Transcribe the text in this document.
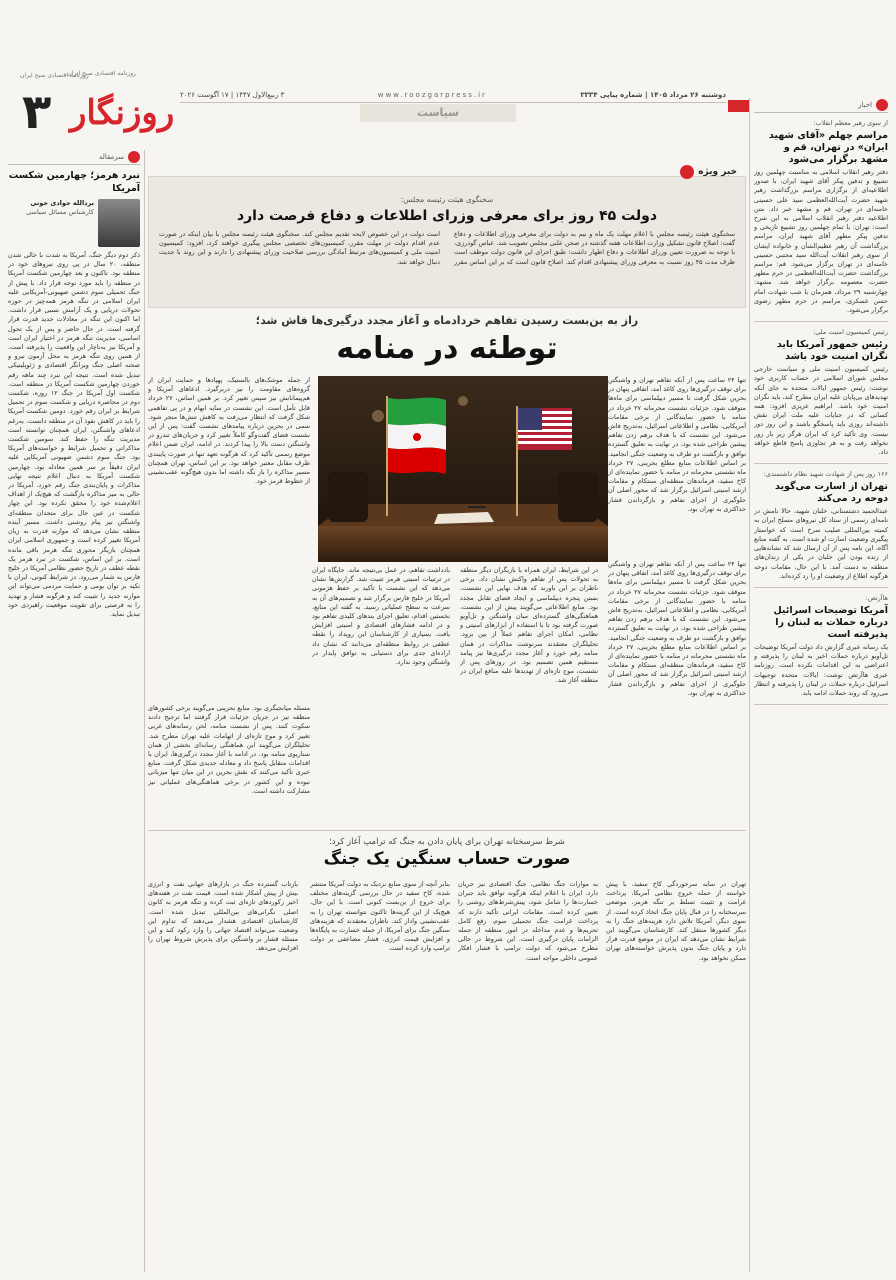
روزنامه اقتصادی صبح ایران
۳ روزنگار
روزنامه اقتصادی صبح ایران
دوشنبه ۲۶ مرداد ۱۴۰۵ | شماره پیاپی ۳۳۳۴
www.roozgarpress.ir
۳ ربیع‌الاول ۱۴۴۷ | ۱۷ آگوست ۲۰۲۶
سیاست
اخبار
از سوی رهبر معظم انقلاب:
مراسم چهلم «آقای شهید ایران» در تهران، قم و مشهد برگزار می‌شود
دفتر رهبر انقلاب اسلامی به مناسبت چهلمین روز تشییع و تدفین پیکر آقای شهید ایران، با صدور اطلاعیه‌ای از برگزاری مراسم بزرگداشت رهبر شهید حضرت آیت‌الله‌العظمی سید علی حسینی خامنه‌ای در تهران، قم و مشهد خبر داد. متن اطلاعیه دفتر رهبر انقلاب اسلامی به این شرح است: تهران: با تمام چهلمین روز تشییع تاریخی و تدفین پیکر مطهر آقای شهید ایران، مراسم بزرگداشت آن رهبر عظیم‌الشأن و خانواده ایشان از سوی رهبر انقلاب آیت‌الله سید مجتبی حسینی خامنه‌ای در تهران برگزار می‌شود. قم: مراسم بزرگداشت حضرت آیت‌الله‌العظمی در حرم مطهر حضرت معصومه برگزار خواهد شد. مشهد: چهارشنبه ۲۹ مرداد، همزمان با شب شهادت امام حسن عسکری، مراسم در حرم مطهر رضوی برگزار می‌شود.
رئیس کمیسیون امنیت ملی:
رئیس جمهور آمریکا باید نگران امنیت خود باشد
رئیس کمیسیون امنیت ملی و سیاست خارجی مجلس شورای اسلامی در حساب کاربری خود نوشت: رئیس جمهور ایالات متحده به جای آنکه تهدیدهای بی‌پایان علیه ایران مطرح کند، باید نگران امنیت خود باشد. ابراهیم عزیزی افزود: همه کسانی که در جنایات علیه ملت ایران نقش داشته‌اند روزی باید پاسخگو باشند و این روز دور نیست. وی تأکید کرد که ایران هرگز زیر بار زور نخواهد رفت و به هر تجاوزی پاسخ قاطع خواهد داد.
۱۶۶ روز پس از شهادت شهید نظام داشتمندی:
تهران از اسارت می‌گوید دوحه رد می‌کند
عبدالحمید دشتستانی، خلبان شهید، حالا نامش در نامه‌ای رسمی از ستاد کل نیروهای مسلح ایران به کمیته بین‌المللی صلیب سرخ است که خواستار پیگیری وضعیت اسارت او شده است. به گفته منابع آگاه، این نامه پس از آن ارسال شد که نشانه‌هایی از زنده بودن این خلبان در یکی از زندان‌های منطقه به دست آمد. با این حال، مقامات دوحه هرگونه اطلاع از وضعیت او را رد کرده‌اند.
هاآرتص:
آمریکا توضیحات اسرائیل درباره حملات به لبنان را پذیرفته است
یک رسانه عبری گزارش داد دولت آمریکا توضیحات تل‌آویو درباره حملات اخیر به لبنان را پذیرفته و اعتراضی به این اقدامات نکرده است. روزنامه عبری هاآرتص نوشت: ایالات متحده توجیهات اسرائیل درباره حملات در لبنان را پذیرفته و انتظار می‌رود که روند حملات ادامه یابد.
سرمقاله
نبرد هرمز؛ چهارمین شکست آمریکا
بردالله جوادی جونی
کارشناس مسائل سیاسی
ذکر دوم دیگر جنگ، آمریکا به شدت با خالی شدن منطقه، ۲۰ سال در پی روی نیروهای خود در منطقه بود. تاکنون و بعد چهارمین شکست آمریکا در منطقه را باید مورد توجه قرار داد. با پیش از جنگ تحمیلی سوم دشمن صهیونی-آمریکایی علیه ایران اسلامی در تنگه هرمز همه‌چیز در حوزه تحولات دریایی و یک آرامش نسبی قرار داشت. اما اکنون این تنگه در معادلات جدید قدرت قرار گرفته است. در حال حاضر و پس از یک تحول اساسی، مدیریت تنگه هرمز در اختیار ایران است و آمریکا نیز به‌ناچار این واقعیت را پذیرفته است. از همین روی تنگه هرمز به محل آزمون نیرو و صحنه اصلی جنگ ویرانگر اقتصادی و ژئوپلیتیکی تبدیل شده است. نتیجه این نبرد چند ماهه رقم خوردن چهارمین شکست آمریکا در منطقه است. شکست اول آمریکا در جنگ ۱۲ روزه، شکست دوم در محاصره دریایی و شکست سوم در تحمیل شرایط بر ایران رقم خورد. دومین شکست آمریکا را باید در کاهش نفوذ آن در منطقه دانست. به‌رغم ادعاهای واشنگتن، ایران همچنان توانسته است مدیریت تنگه را حفظ کند. سومین شکست مذاکراتی و تحمیل شرایط و خواسته‌های آمریکا بود. جنگ سوم دشمن صهیونی آمریکایی علیه ایران دقیقاً بر سر همین معادله بود. چهارمین شکست آمریکا به دنبال اعلام نتیجه نهایی مذاکرات و پایان‌بندی جنگ رقم خورد. آمریکا در حالی به میز مذاکره بازگشت که هیچ‌یک از اهداف اعلام‌شده خود را محقق نکرده بود. این چهار شکست در عین حال برای متحدان منطقه‌ای واشنگتن نیز پیام روشنی داشت. مسیر آینده منطقه نشان می‌دهد که موازنه قدرت به زیان آمریکا تغییر کرده است و جمهوری اسلامی ایران همچنان بازیگر محوری تنگه هرمز باقی مانده است. بر این اساس، شکست در نبرد هرمز یک نقطه عطف در تاریخ حضور نظامی آمریکا در خلیج فارس به شمار می‌رود. در شرایط کنونی، ایران با تکیه بر توان بومی و حمایت مردمی می‌تواند این موازنه جدید را تثبیت کند و هرگونه فشار و تهدید را به فرصتی برای تقویت موقعیت راهبردی خود تبدیل نماید.
خبر ویژه
سخنگوی هیئت رئیسه مجلس:
دولت ۴۵ روز برای معرفی وزرای اطلاعات و دفاع فرصت دارد
سخنگوی هیئت رئیسه مجلس با اعلام مهلت یک ماه و نیم به دولت برای معرفی وزرای اطلاعات و دفاع گفت: اصلاح قانون تشکیل وزارت اطلاعات هفته گذشته در صحن علنی مجلس تصویب شد. عباس گودرزی، با توجه به ضرورت تعیین وزرای اطلاعات و دفاع اظهار داشت: طبق اجرای این قانون دولت موظف است ظرف مدت ۴۵ روز نسبت به معرفی وزرای پیشنهادی اقدام کند. اصلاح قانون است که بر این اساس مقرر است دولت در این خصوص لایحه تقدیم مجلس کند. سخنگوی هیئت رئیسه مجلس با بیان اینکه در صورت عدم اقدام دولت در مهلت مقرر، کمیسیون‌های تخصصی مجلس پیگیری خواهند کرد، افزود: کمیسیون امنیت ملی و کمیسیون‌های مرتبط آمادگی بررسی صلاحیت وزرای پیشنهادی را دارند و این روند با جدیت دنبال خواهد شد.
راز به بن‌بست رسیدن تفاهم خردادماه و آغاز مجدد درگیری‌ها فاش شد؛
توطئه در منامه
تنها ۲۴ ساعت پس از آنکه تفاهم تهران و واشنگتن برای توقف درگیری‌ها روی کاغذ آمد، اتفاقی پنهان در بحرین شکل گرفت تا مسیر دیپلماسی برای ماه‌ها متوقف شود. جزئیات نشست محرمانه ۲۷ خرداد در منامه با حضور نمایندگانی از برخی مقامات آمریکایی، نظامی و اطلاعاتی اسرائیل، به‌تدریج فاش می‌شود. این نشست که با هدف برهم زدن تفاهم پیشین طراحی شده بود، در نهایت به تعلیق گسترده توافق و بازگشت دو طرف به وضعیت جنگی انجامید. بر اساس اطلاعات منابع مطلع بحرینی، ۲۷ خرداد ماه نشستی محرمانه در منامه با حضور نماینده‌ای از کاخ سفید، فرماندهان منطقه‌ای سنتکام و مقامات ارشد امنیتی اسرائیل برگزار شد که محور اصلی آن جلوگیری از اجرای تفاهم و بازگرداندن فشار حداکثری به تهران بود.
از جمله موشک‌های بالستیک، پهپادها و حمایت ایران از گروه‌های مقاومت را نیز دربرگیرد. ادعاهای آمریکا و هم‌پیمانانش نیز سپس تغییر کرد. بر همین اساس، ۲۷ خرداد قابل تأمل است. این نشست در سایه ابهام و در پی تفاهمی شکل گرفت که انتظار می‌رفت به کاهش تنش‌ها منجر شود. سمی در بحرین درباره پیامدهای نشست گفت: پس از این نشست فضای گفت‌وگو کاملاً تغییر کرد و جریان‌های تندرو در واشنگتن دست بالا را پیدا کردند. در ادامه، ایران ضمن اعلام موضع رسمی تأکید کرد که هرگونه تعهد تنها در صورت پایبندی طرف مقابل معتبر خواهد بود. بر این اساس، تهران همچنان مسیر مذاکره را باز نگه داشته اما بدون هیچ‌گونه عقب‌نشینی از خطوط قرمز خود.
تنها ۲۴ ساعت پس از آنکه تفاهم تهران و واشنگتن برای توقف درگیری‌ها روی کاغذ آمد، اتفاقی پنهان در بحرین شکل گرفت تا مسیر دیپلماسی برای ماه‌ها متوقف شود. جزئیات نشست محرمانه ۲۷ خرداد در منامه با حضور نمایندگانی از برخی مقامات آمریکایی، نظامی و اطلاعاتی اسرائیل، به‌تدریج فاش می‌شود. این نشست که با هدف برهم زدن تفاهم پیشین طراحی شده بود، در نهایت به تعلیق گسترده توافق و بازگشت دو طرف به وضعیت جنگی انجامید. بر اساس اطلاعات منابع مطلع بحرینی، ۲۷ خرداد ماه نشستی محرمانه در منامه با حضور نماینده‌ای از کاخ سفید، فرماندهان منطقه‌ای سنتکام و مقامات ارشد امنیتی اسرائیل برگزار شد که محور اصلی آن جلوگیری از اجرای تفاهم و بازگرداندن فشار حداکثری به تهران بود.
در این شرایط، ایران همراه با بازیگران دیگر منطقه به تحولات پس از تفاهم واکنش نشان داد. برخی ناظران بر این باورند که هدف نهایی این نشست، بستن پنجره دیپلماسی و ایجاد فضای تقابل مجدد بود. منابع اطلاعاتی می‌گویند پیش از این نشست، هماهنگی‌های گسترده‌ای میان واشنگتن و تل‌آویو صورت گرفته بود تا با استفاده از ابزارهای امنیتی و نظامی، امکان اجرای تفاهم عملاً از بین برود. تحلیلگران معتقدند سرنوشت مذاکرات در همان منامه رقم خورد و آغاز مجدد درگیری‌ها نیز پیامد مستقیم همین تصمیم بود. در روزهای پس از نشست، موج تازه‌ای از تهدیدها علیه منافع ایران در منطقه آغاز شد.
بادداشت تفاهم، در عمل بی‌نتیجه ماند. جایگاه ایران در ترتیبات امنیتی هرمز تثبیت شد. گزارش‌ها نشان می‌دهد که این نشست با تأکید بر حفظ هژمونی آمریکا در خلیج فارس برگزار شد و تصمیم‌های آن به سرعت به سطح عملیاتی رسید. به گفته این منابع، نخستین اقدام، تعلیق اجرای بندهای کلیدی تفاهم بود و در ادامه فشارهای اقتصادی و امنیتی افزایش یافت. بسیاری از کارشناسان این رویداد را نقطه عطفی در روابط منطقه‌ای می‌دانند که نشان داد اراده‌ای جدی برای دستیابی به توافق پایدار در واشنگتن وجود ندارد.
مسئله میانجیگری بود. منابع بحرینی می‌گویند برخی کشورهای منطقه نیز در جریان جزئیات قرار گرفتند اما ترجیح دادند سکوت کنند. پس از نشست منامه، لحن رسانه‌های غربی تغییر کرد و موج تازه‌ای از اتهامات علیه تهران مطرح شد. تحلیلگران می‌گویند این هماهنگی رسانه‌ای بخشی از همان سناریوی منامه بود. در ادامه با آغاز مجدد درگیری‌ها، ایران با اقدامات متقابل پاسخ داد و معادله جدیدی شکل گرفت. منابع خبری تأکید می‌کنند که نقش بحرین در این میان تنها میزبانی نبوده و این کشور در برخی هماهنگی‌های عملیاتی نیز مشارکت داشته است.
شرط سرسختانه تهران برای پایان دادن به جنگ که ترامپ آغاز کرد؛
صورت حساب سنگین یک جنگ
تهران در سایه سرخوردگی کاخ سفید، با پیش خواسته از حمله خروج نظامی آمریکا، پرداخت غرامت و تثبیت تسلط بر تنگه هرمز، موضعی سرسختانه را در قبال پایان جنگ اتخاذ کرده است. از سوی دیگر، آمریکا تلاش دارد هزینه‌های جنگ را به دیگر کشورها منتقل کند. کارشناسان می‌گویند این شرایط نشان می‌دهد که ایران در موضع قدرت قرار دارد و پایان جنگ بدون پذیرش خواسته‌های تهران ممکن نخواهد بود.
به موازات جنگ نظامی، جنگ اقتصادی نیز جریان دارد. ایران با اعلام اینکه هرگونه توافق باید جبران خسارت‌ها را شامل شود، پیش‌شرط‌های روشنی را تعیین کرده است. مقامات ایرانی تأکید دارند که پرداخت غرامت جنگ تحمیلی سوم، رفع کامل تحریم‌ها و عدم مداخله در امور منطقه از جمله الزامات پایان درگیری است. این شروط در حالی مطرح می‌شود که دولت ترامپ با فشار افکار عمومی داخلی مواجه است.
بنابر آنچه از سوی منابع نزدیک به دولت آمریکا منتشر شده، کاخ سفید در حال بررسی گزینه‌های مختلف برای خروج از بن‌بست کنونی است. با این حال، هیچ‌یک از این گزینه‌ها تاکنون نتوانسته تهران را به عقب‌نشینی وادار کند. ناظران معتقدند که هزینه‌های سنگین جنگ برای آمریکا، از جمله خسارت به پایگاه‌ها و افزایش قیمت انرژی، فشار مضاعفی بر دولت ترامپ وارد کرده است.
بازتاب گسترده جنگ در بازارهای جهانی نفت و انرژی بیش از پیش آشکار شده است. قیمت نفت در هفته‌های اخیر رکوردهای تازه‌ای ثبت کرده و تنگه هرمز به کانون اصلی نگرانی‌های بین‌المللی تبدیل شده است. کارشناسان اقتصادی هشدار می‌دهند که تداوم این وضعیت می‌تواند اقتصاد جهانی را وارد رکود کند و این مسئله فشار بر واشنگتن برای پذیرش شروط تهران را افزایش می‌دهد.
